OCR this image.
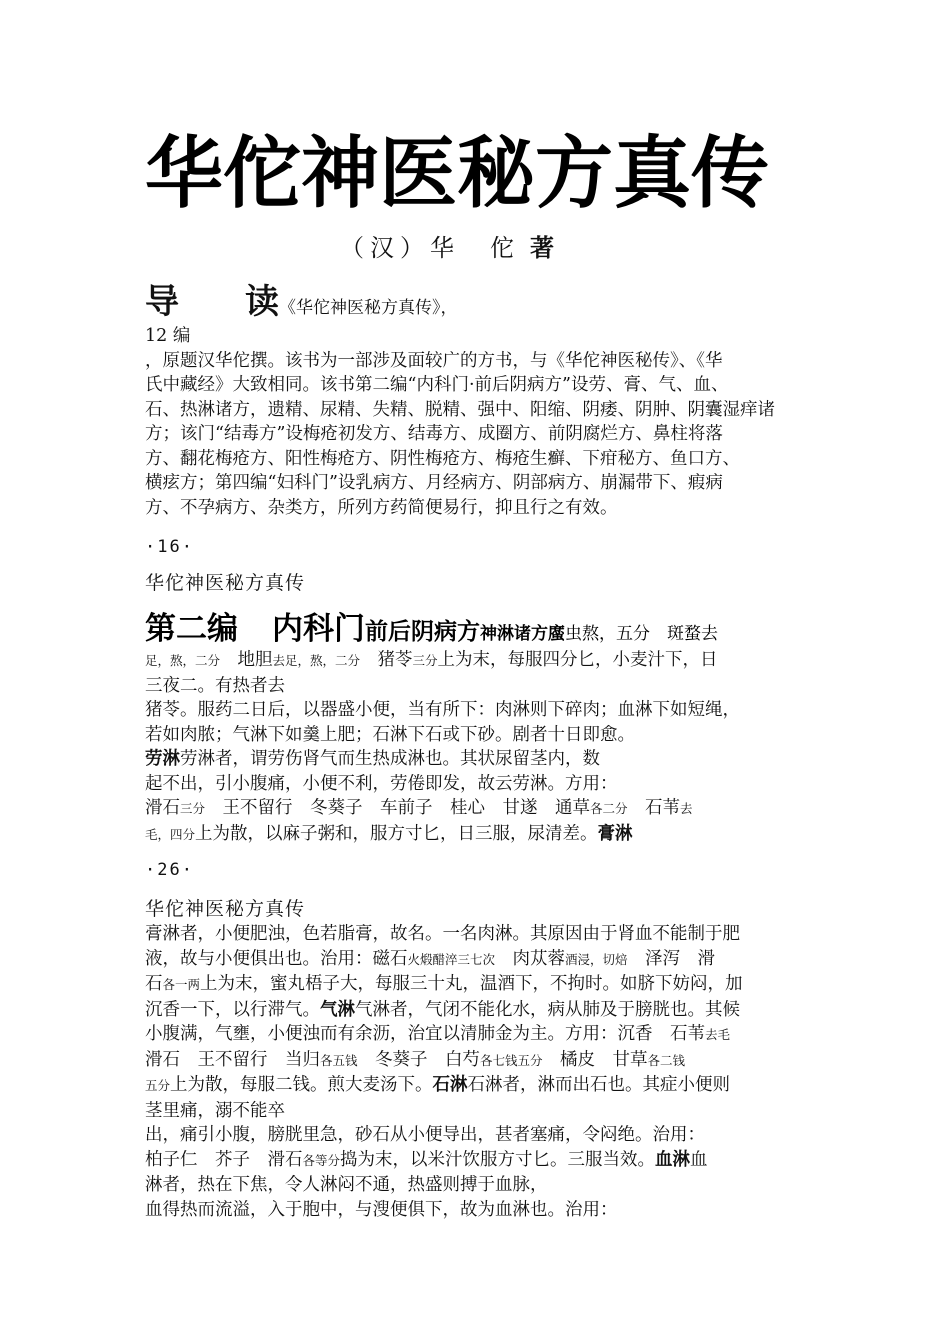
华佗神医秘方真传
（汉）华　佗 著
导 读《华佗神医秘方真传》，
12 编
，原题汉华佗撰。该书为一部涉及面较广的方书，与《华佗神医秘传》、《华
氏中藏经》大致相同。该书第二编“内科门·前后阴病方”设劳、膏、气、血、
石、热淋诸方，遗精、尿精、失精、脱精、强中、阳缩、阴痿、阴肿、阴囊湿痒诸
方；该门“结毒方”设梅疮初发方、结毒方、成圈方、前阴腐烂方、鼻柱将落
方、翻花梅疮方、阳性梅疮方、阴性梅疮方、梅疮生癣、下疳秘方、鱼口方、
横痃方；第四编“妇科门”设乳病方、月经病方、阴部病方、崩漏带下、瘕病
方、不孕病方、杂类方，所列方药简便易行，抑且行之有效。
·16·
华佗神医秘方真传
第二编 内科门前后阴病方神淋诸方䗪虫熬，五分　 斑蝥去
足，熬，二分　地胆去足，熬，二分　猪苓三分上为末，每服四分匕，小麦汁下，日
三夜二。有热者去
猪苓。服药二日后，以器盛小便，当有所下：肉淋则下碎肉；血淋下如短绳，
若如肉脓；气淋下如羹上肥；石淋下石或下砂。剧者十日即愈。
劳淋劳淋者，谓劳伤肾气而生热成淋也。其状尿留茎内，数
起不出，引小腹痛，小便不利，劳倦即发，故云劳淋。方用：
滑石三分　王不留行　冬葵子　车前子　桂心　甘遂　通草各二分　石苇去
毛，四分上为散，以麻子粥和，服方寸匕，日三服，尿清差。膏淋
·26·
华佗神医秘方真传
膏淋者，小便肥浊，色若脂膏，故名。一名肉淋。其原因由于肾血不能制于肥
液，故与小便俱出也。治用：磁石火煅醋淬三七次　肉苁蓉酒浸，切焙　泽泻　滑
石各一两上为末，蜜丸梧子大，每服三十丸，温酒下，不拘时。如脐下妨闷，加
沉香一下，以行滞气。气淋气淋者，气闭不能化水，病从肺及于膀胱也。其候
小腹满，气壅，小便浊而有余沥，治宜以清肺金为主。方用：沉香　石苇去毛
滑石　王不留行　当归各五钱　冬葵子　白芍各七钱五分　橘皮　甘草各二钱
五分上为散，每服二钱。煎大麦汤下。石淋石淋者，淋而出石也。其症小便则
茎里痛，溺不能卒
出，痛引小腹，膀胱里急，砂石从小便导出，甚者塞痛，令闷绝。治用：
柏子仁　芥子　滑石各等分捣为末，以米汁饮服方寸匕。三服当效。血淋血
淋者，热在下焦，令人淋闷不通，热盛则搏于血脉，
血得热而流溢，入于胞中，与溲便俱下，故为血淋也。治用：
